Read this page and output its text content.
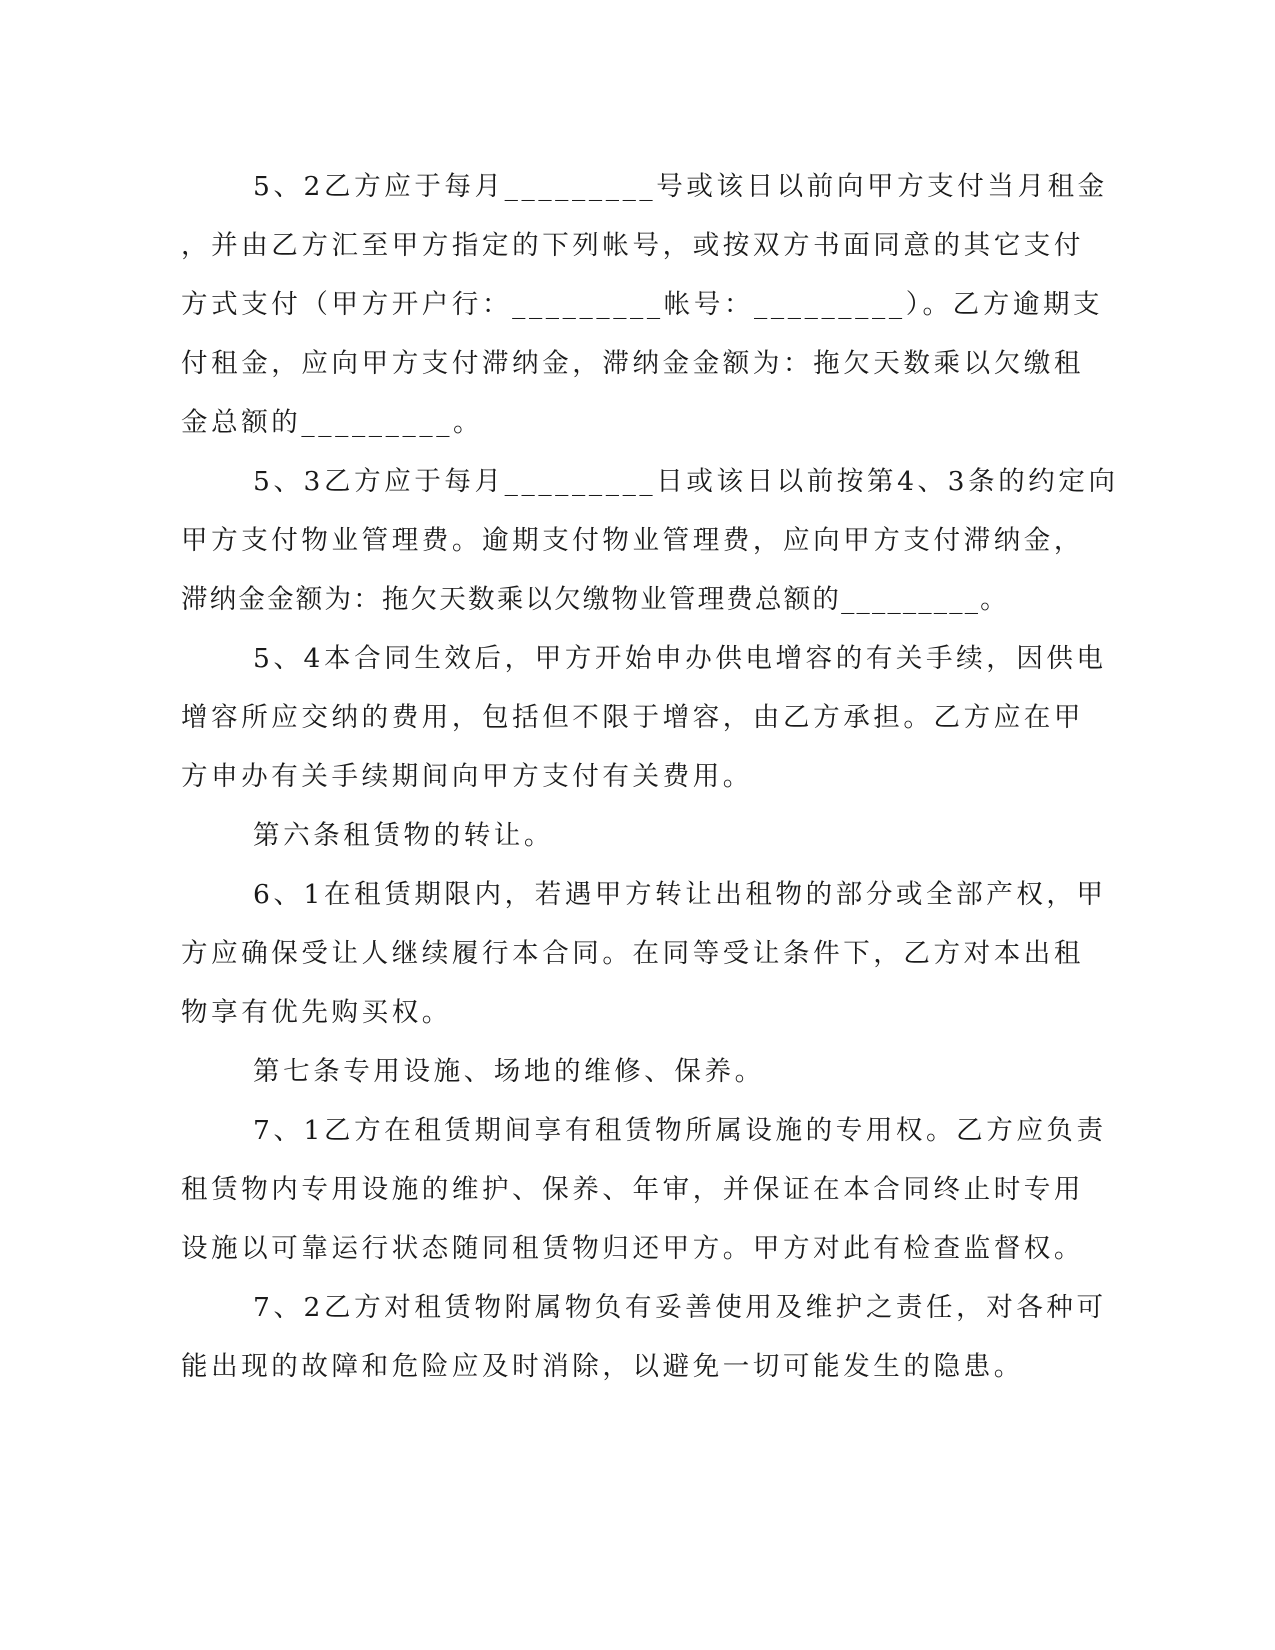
5、2乙方应于每月_________号或该日以前向甲方支付当月租金
，并由乙方汇至甲方指定的下列帐号，或按双方书面同意的其它支付
方式支付（甲方开户行：_________帐号：_________）。乙方逾期支
付租金，应向甲方支付滞纳金，滞纳金金额为：拖欠天数乘以欠缴租
金总额的_________。
5、3乙方应于每月_________日或该日以前按第4、3条的约定向
甲方支付物业管理费。逾期支付物业管理费，应向甲方支付滞纳金，
滞纳金金额为：拖欠天数乘以欠缴物业管理费总额的_________。
5、4本合同生效后，甲方开始申办供电增容的有关手续，因供电
增容所应交纳的费用，包括但不限于增容，由乙方承担。乙方应在甲
方申办有关手续期间向甲方支付有关费用。
第六条租赁物的转让。
6、1在租赁期限内，若遇甲方转让出租物的部分或全部产权，甲
方应确保受让人继续履行本合同。在同等受让条件下，乙方对本出租
物享有优先购买权。
第七条专用设施、场地的维修、保养。
7、1乙方在租赁期间享有租赁物所属设施的专用权。乙方应负责
租赁物内专用设施的维护、保养、年审，并保证在本合同终止时专用
设施以可靠运行状态随同租赁物归还甲方。甲方对此有检查监督权。
7、2乙方对租赁物附属物负有妥善使用及维护之责任，对各种可
能出现的故障和危险应及时消除，以避免一切可能发生的隐患。
